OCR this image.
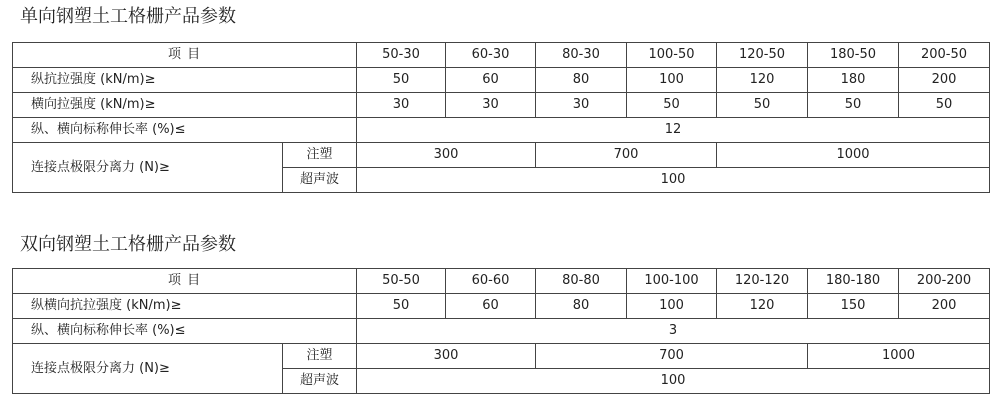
单向钢塑土工格栅产品参数
项 目		50-30	60-30	80-30	100-50	120-50	180-50	200-50
纵抗拉强度 (kN/m)≥		50	60	80	100	120	180	200
横向拉强度 (kN/m)≥		30	30	30	50	50	50	50
纵、横向标称伸长率 (%)≤		12						
连接点极限分离力 (N)≥	注塑	300		700		1000		
	超声波	100						
双向钢塑土工格栅产品参数
项 目		50-50	60-60	80-80	100-100	120-120	180-180	200-200
纵横向抗拉强度 (kN/m)≥		50	60	80	100	120	150	200
纵、横向标称伸长率 (%)≤		3						
连接点极限分离力 (N)≥	注塑	300		700			1000	
	超声波	100						
